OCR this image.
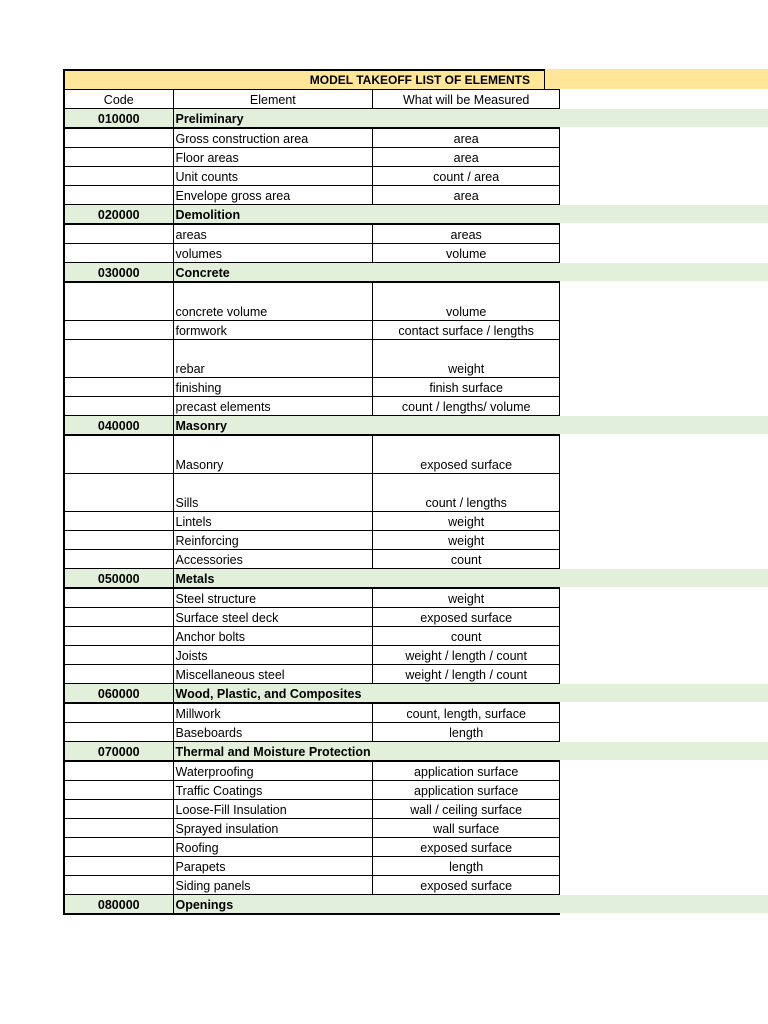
MODEL TAKEOFF LIST OF ELEMENTS
Code	Element	What will be Measured
010000	Preliminary	
	Gross construction area	area
	Floor areas	area
	Unit counts	count / area
	Envelope gross area	area
020000	Demolition	
	areas	areas
	volumes	volume
030000	Concrete	
	concrete volume	volume
	formwork	contact surface / lengths
	rebar	weight
	finishing	finish surface
	precast elements	count / lengths/ volume
040000	Masonry	
	Masonry	exposed surface
	Sills	count / lengths
	Lintels	weight
	Reinforcing	weight
	Accessories	count
050000	Metals	
	Steel structure	weight
	Surface steel deck	exposed surface
	Anchor bolts	count
	Joists	weight / length / count
	Miscellaneous steel	weight / length / count
060000	Wood, Plastic, and Composites	
	Millwork	count, length, surface
	Baseboards	length
070000	Thermal and Moisture Protection	
	Waterproofing	application surface
	Traffic Coatings	application surface
	Loose-Fill Insulation	wall / ceiling surface
	Sprayed insulation	wall surface
	Roofing	exposed surface
	Parapets	length
	Siding panels	exposed surface
080000	Openings	
